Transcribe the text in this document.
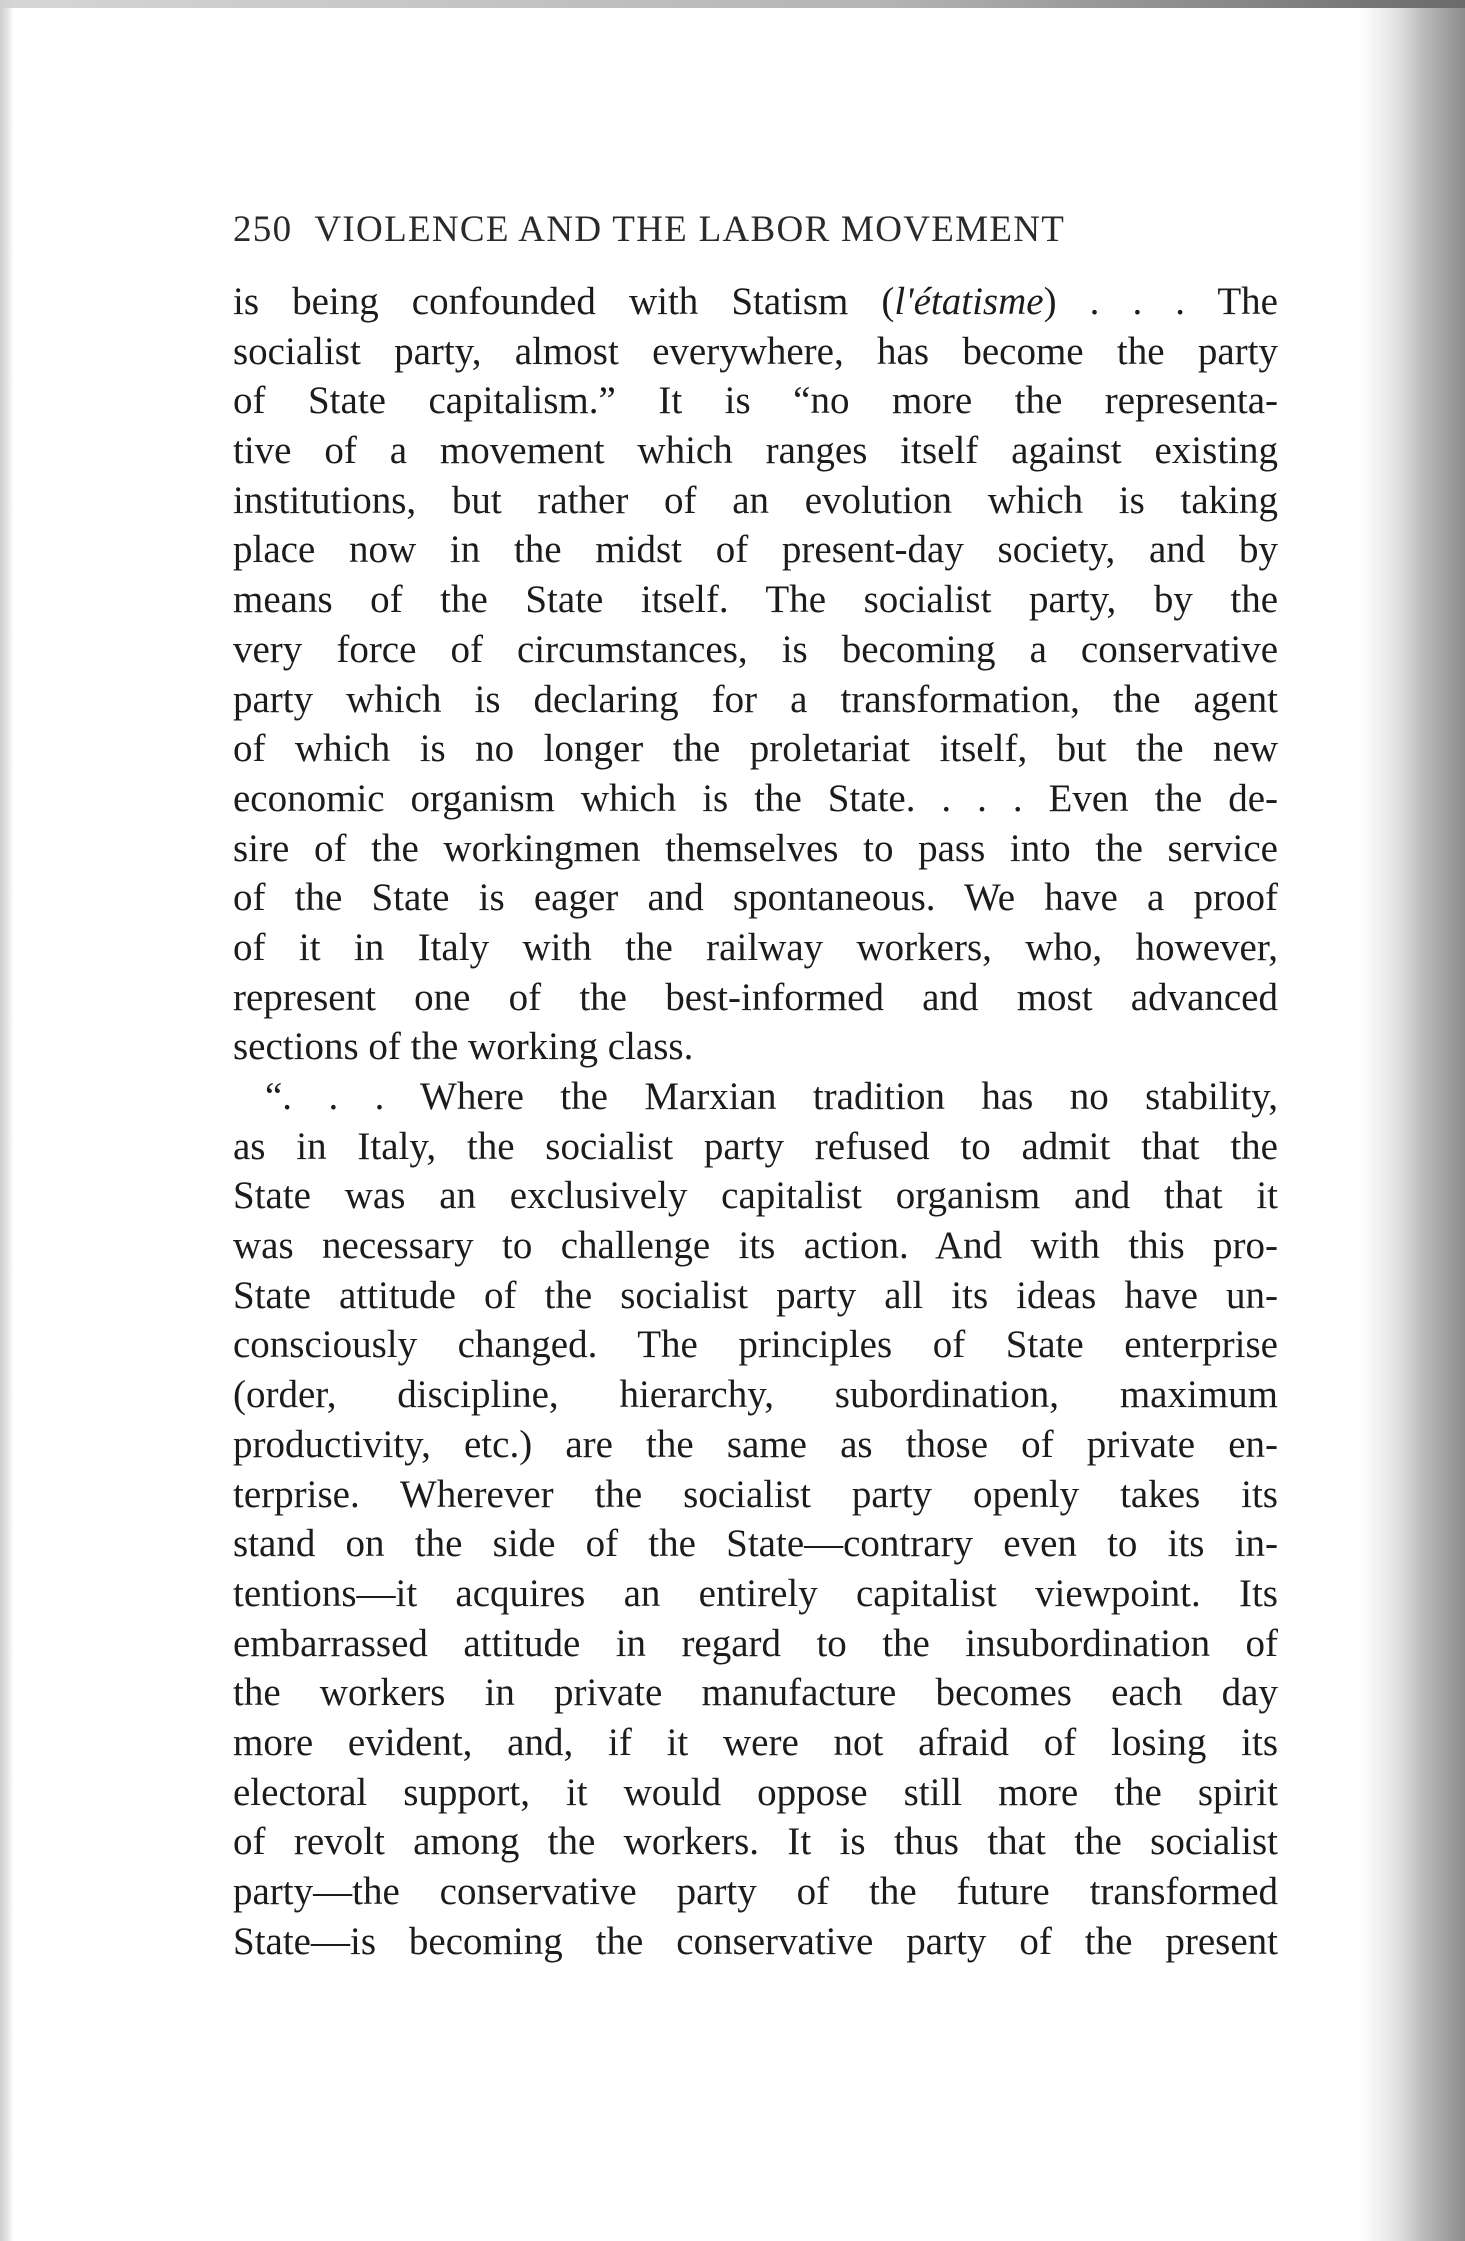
250 VIOLENCE AND THE LABOR MOVEMENT
is being confounded with Statism (l'étatisme) . . . The
socialist party, almost everywhere, has become the party
of State capitalism.” It is “no more the representa-
tive of a movement which ranges itself against existing
institutions, but rather of an evolution which is taking
place now in the midst of present-day society, and by
means of the State itself. The socialist party, by the
very force of circumstances, is becoming a conservative
party which is declaring for a transformation, the agent
of which is no longer the proletariat itself, but the new
economic organism which is the State. . . . Even the de-
sire of the workingmen themselves to pass into the service
of the State is eager and spontaneous. We have a proof
of it in Italy with the railway workers, who, however,
represent one of the best-informed and most advanced
sections of the working class.
“. . . Where the Marxian tradition has no stability,
as in Italy, the socialist party refused to admit that the
State was an exclusively capitalist organism and that it
was necessary to challenge its action. And with this pro-
State attitude of the socialist party all its ideas have un-
consciously changed. The principles of State enterprise
(order, discipline, hierarchy, subordination, maximum
productivity, etc.) are the same as those of private en-
terprise. Wherever the socialist party openly takes its
stand on the side of the State—contrary even to its in-
tentions—it acquires an entirely capitalist viewpoint. Its
embarrassed attitude in regard to the insubordination of
the workers in private manufacture becomes each day
more evident, and, if it were not afraid of losing its
electoral support, it would oppose still more the spirit
of revolt among the workers. It is thus that the socialist
party—the conservative party of the future transformed
State—is becoming the conservative party of the present
